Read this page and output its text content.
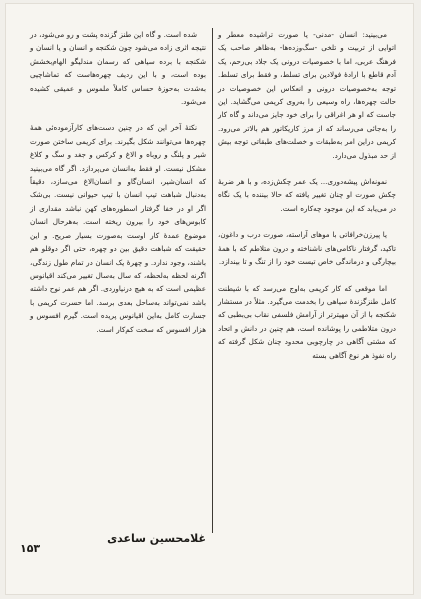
می‌بینید: انسان -مدنی- یا صورت تراشیده معطر و اتوایی از تربیت و تلخی -سگ‌وزده‌ها- به‌ظاهر صاحب یک فرهنگ عربی، اما با خصوصیات درونی یک جلاد بی‌رحم، یک آدم قاطع با ارادهٔ فولادین برای تسلط، و فقط برای تسلط. توجه به‌خصوصیات درونی و انعکاس این خصوصیات در حالت چهره‌ها، راه وسیعی را به‌روی کریمی می‌گشاید. این جاست که او هر اغراقی را برای خود جایز می‌داند و گاه کار را به‌جائی می‌رساند که از مرز کاریکاتور هم بالاتر می‌رود. کریمی دراین امر به‌طبقات و خصلت‌های طبقاتی توجه بیش از حد مبذول می‌دارد.

نمونه‌اش پیشه‌دوری... یک عمر چکش‌زده، و با هر ضربهٔ چکش صورت او چنان تغییر یافته که حالا بیننده با یک نگاه در می‌یابد که این موجود چه‌کاره است.

یا پیرزن‌خرافاتی با موهای آراسته، صورت درب و داغون، تاکید، گرفتار ناکامی‌های ناشناخته و درون متلاطم که با همهٔ بیچارگی و درماندگی خاص تیست خود را از تنگ و تا بیندازد.

اما موقعی که کار کریمی به‌اوج می‌رسد که با شیطنت کامل طنزگزندهٔ سیاهی را بخدمت می‌گیرد. مثلاً در مستشار شکنجه با از آن مهیترتر از آرامش فلسفی نقاب بی‌بطبی که درون متلاطمی را پوشانده است، هم چنین در دانش و اتحاد که مشتی آگاهی در چارچوبی محدود چنان شکل گرفته که راه نفوذ هر نوع آگاهی بسته

شده است. و گاه این طنز گزنده پشت و رو می‌شود، در نتیجه اثری زاده می‌شود چون شکنجه و انسان و یا انسان و شکنجه با برده سیاهی که رسمان مندلیگو الهام‌بخشش بوده است، و با این ردیف چهره‌هاست که تماشاچیی به‌شدت به‌حوزهٔ حساس کاملاً ملموس و عمیقی کشیده می‌شود.

نکتهٔ آخر این که در چنین دست‌های کارآزموده‌ئی همهٔ چهره‌ها می‌توانند شکل بگیرند. برای کریمی ساختن صورت شیر و پلنگ و روباه و الاغ و کرکس و جغد و سگ و کلاغ مشکل نیست. او فقط به‌انسان می‌پردازد. اگر گاه می‌بینید که انسان‌شیر، انسان‌گاو و انسان‌الاغ می‌سازد، دقیقاً به‌دنبال شباهت تیپ انسان با تیپ حیوانی نیست. بی‌شک اگر او در خفا گرفتار اسطوره‌های کهن نباشد مقداری از کابوس‌های خود را بیرون ریخته است. به‌هرحال انسان موضوع عمدهٔ کار اوست به‌صورت بسیار صریح. و این حقیقت که شباهت دقیق بین دو چهره، حتی اگر دوقلو هم باشند، وجود ندارد. و چهرهٔ یک انسان در تمام طول زندگی، اگرنه لحظه به‌لحظه، که سال به‌سال تغییر می‌کند اقیانوس عظیمی است که به هیچ درنیاوردی. اگر هم عمر نوح داشته باشد نمی‌تواند به‌ساحل بعدی برسد. اما حسرت کریمی با جسارت کامل به‌این اقیانوس پریده است. گیرم افسوس و هزار افسوس که سخت کم‌کار است.

غلامحسین ساعدی
۱۵۳
